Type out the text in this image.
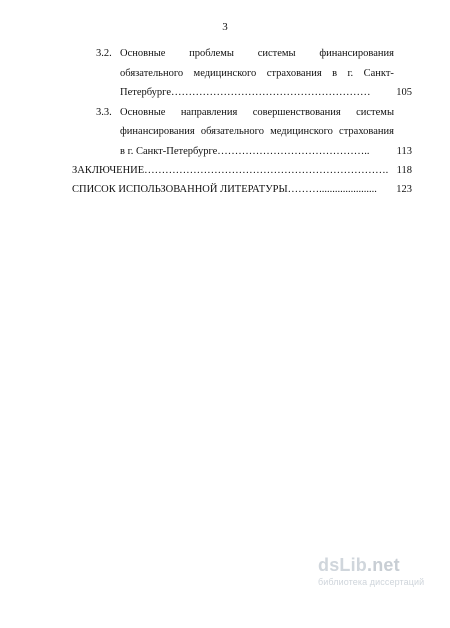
3
3.2. Основные проблемы системы финансирования
обязательного медицинского страхования в г. Санкт-
Петербурге………………………………………………… 105
3.3. Основные направления совершенствования системы
финансирования обязательного медицинского страхования
в г. Санкт-Петербурге……………………………………..	113
ЗАКЛЮЧЕНИЕ……………………………………………………………. 118
СПИСОК ИСПОЛЬЗОВАННОЙ ЛИТЕРАТУРЫ………...................... 123
dsLib.net
библиотека диссертаций
